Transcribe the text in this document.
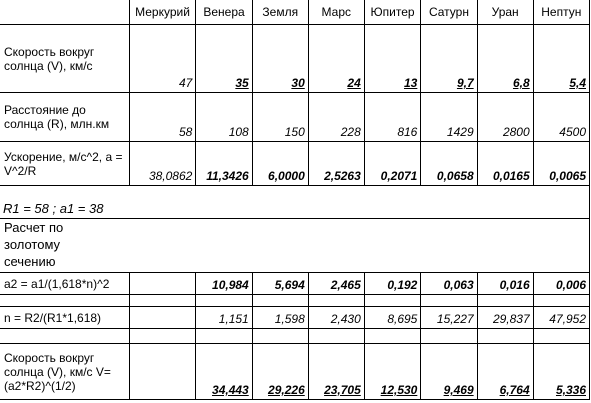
	Меркурий	Венера	Земля	Марс	Юпитер	Сатурн	Уран	Нептун
Скорость вокруг солнца (V), км/с	47	35	30	24	13	9,7	6,8	5,4
Расстояние до солнца (R), млн.км	58	108	150	228	816	1429	2800	4500
Ускорение, м/с^2, a = V^2/R	38,0862	11,3426	6,0000	2,5263	0,2071	0,0658	0,0165	0,0065
R1 = 58 ; a1 = 38								
Расчет по золотому сечению								
a2 = a1/(1,618*n)^2		10,984	5,694	2,465	0,192	0,063	0,016	0,006

n = R2/(R1*1,618)		1,151	1,598	2,430	8,695	15,227	29,837	47,952

Скорость вокруг солнца (V), км/с V=(a2*R2)^(1/2)		34,443	29,226	23,705	12,530	9,469	6,764	5,336
